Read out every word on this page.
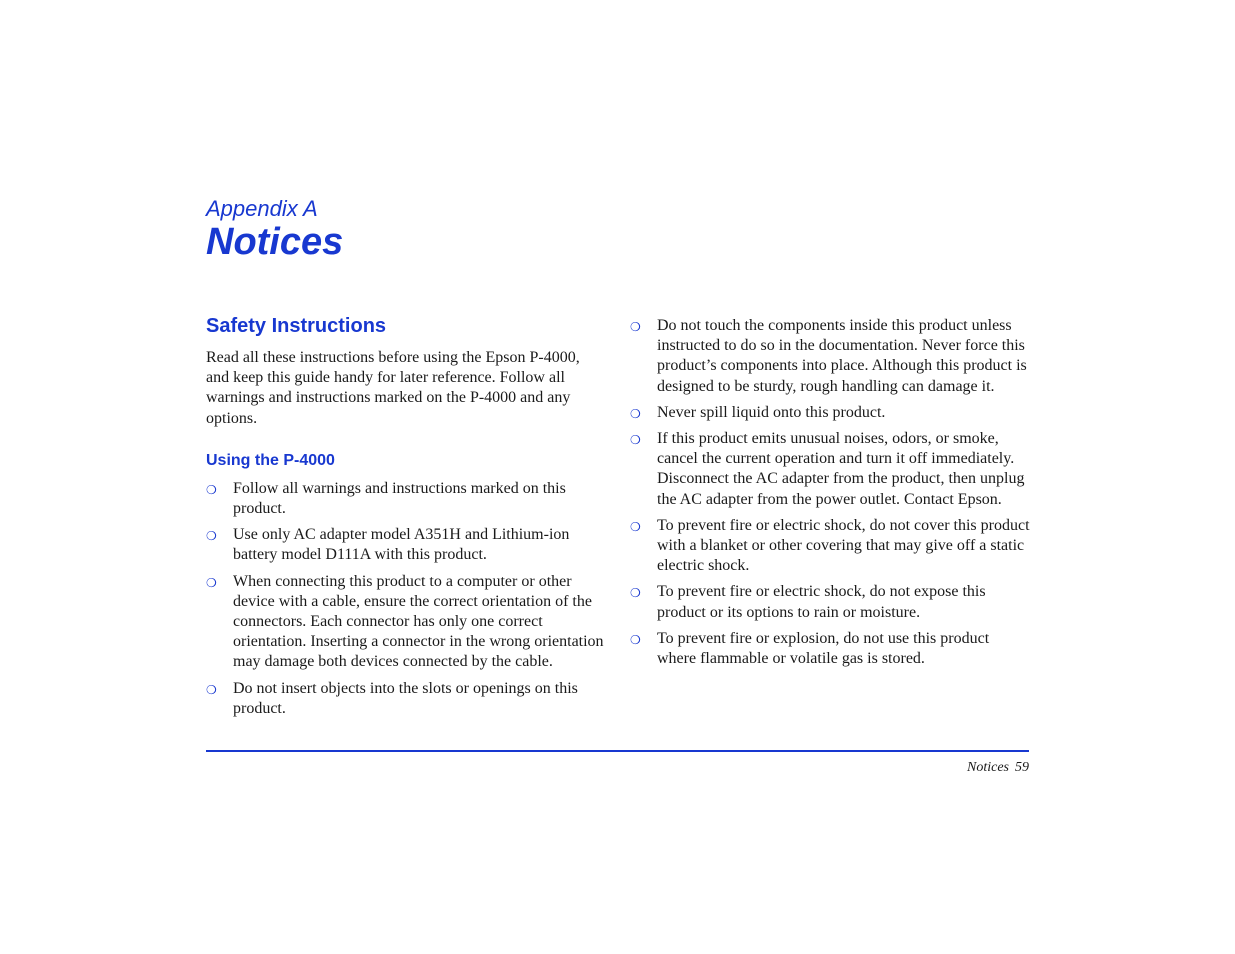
Appendix A
Notices
Safety Instructions

Read all these instructions before using the Epson P-4000, and keep this guide handy for later reference. Follow all warnings and instructions marked on the P-4000 and any options.

Using the P-4000
❍ Follow all warnings and instructions marked on this product.
❍ Use only AC adapter model A351H and Lithium-ion battery model D111A with this product.
❍ When connecting this product to a computer or other device with a cable, ensure the correct orientation of the connectors. Each connector has only one correct orientation. Inserting a connector in the wrong orientation may damage both devices connected by the cable.
❍ Do not insert objects into the slots or openings on this product.
❍ Do not touch the components inside this product unless instructed to do so in the documentation. Never force this product’s components into place. Although this product is designed to be sturdy, rough handling can damage it.
❍ Never spill liquid onto this product.
❍ If this product emits unusual noises, odors, or smoke, cancel the current operation and turn it off immediately. Disconnect the AC adapter from the product, then unplug the AC adapter from the power outlet. Contact Epson.
❍ To prevent fire or electric shock, do not cover this product with a blanket or other covering that may give off a static electric shock.
❍ To prevent fire or electric shock, do not expose this product or its options to rain or moisture.
❍ To prevent fire or explosion, do not use this product where flammable or volatile gas is stored.
Notices 59
